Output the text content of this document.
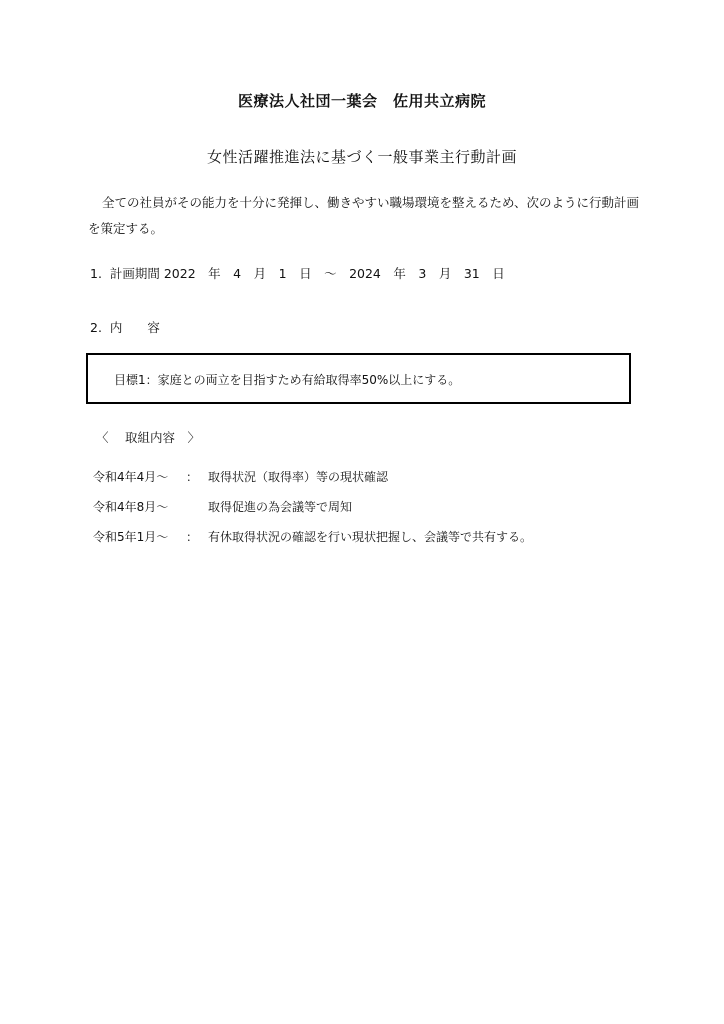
医療法人社団一葉会　佐用共立病院
女性活躍推進法に基づく一般事業主行動計画
全ての社員がその能力を十分に発揮し、働きやすい職場環境を整えるため、次のように行動計画を策定する。
1.  計画期間 2022　年　4　月　1　日　～　2024　年　3　月　31　日
2.  内　　容
目標1：家庭との両立を目指すため有給取得率50%以上にする。
〈　 取組内容　〉

令和4年4月～

：

取得状況（取得率）等の現状確認

令和4年8月～

	取得促進の為会議等で周知

令和5年1月～

：

有休取得状況の確認を行い現状把握し、会議等で共有する。
